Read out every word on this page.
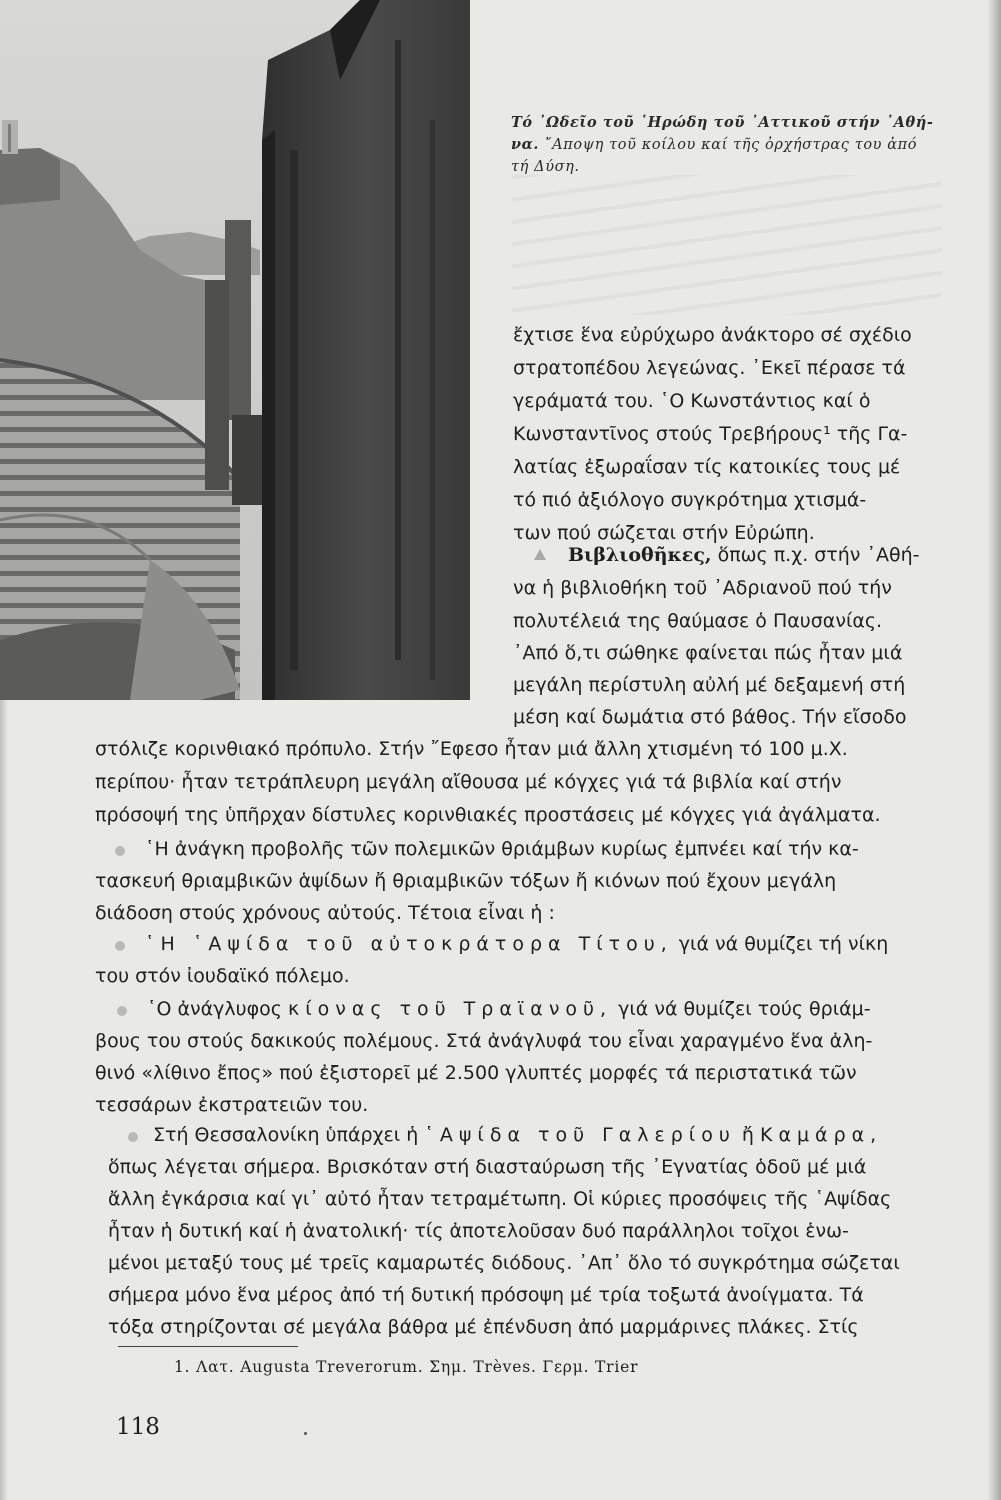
Τό ᾿Ωδεῖο τοῦ ῾Ηρώδη τοῦ ᾿Αττικοῦ στήν ᾿Αθή-
να. ῎Αποψη τοῦ κοίλου καί τῆς ὀρχήστρας του ἀπό
τή Δύση.
ἔχτισε ἕνα εὐρύχωρο ἀνάκτορο σέ σχέδιο
στρατοπέδου λεγεώνας. ᾿Εκεῖ πέρασε τά
γεράματά του. ῾Ο Κωνστάντιος καί ὁ
Κωνσταντῖνος στούς Τρεβήρους¹ τῆς Γα-
λατίας ἐξωραΐσαν τίς κατοικίες τους μέ
τό πιό ἀξιόλογο συγκρότημα χτισμά-
των πού σώζεται στήν Εὐρώπη.
Βιβλιοθῆκες, ὅπως π.χ. στήν ᾿Αθή-
να ἡ βιβλιοθήκη τοῦ ᾿Αδριανοῦ πού τήν
πολυτέλειά της θαύμασε ὁ Παυσανίας.
᾿Από ὅ,τι σώθηκε φαίνεται πώς ἦταν μιά
μεγάλη περίστυλη αὐλή μέ δεξαμενή στή
μέση καί δωμάτια στό βάθος. Τήν εἴσοδο
στόλιζε κορινθιακό πρόπυλο. Στήν ῎Εφεσο ἦταν μιά ἄλλη χτισμένη τό 100 μ.Χ.
περίπου· ἦταν τετράπλευρη μεγάλη αἴθουσα μέ κόγχες γιά τά βιβλία καί στήν
πρόσοψή της ὑπῆρχαν δίστυλες κορινθιακές προστάσεις μέ κόγχες γιά ἀγάλματα.
῾Η ἀνάγκη προβολῆς τῶν πολεμικῶν θριάμβων κυρίως ἐμπνέει καί τήν κα-
τασκευή θριαμβικῶν ἁψίδων ἤ θριαμβικῶν τόξων ἤ κιόνων πού ἔχουν μεγάλη
διάδοση στούς χρόνους αὐτούς. Τέτοια εἶναι ἡ :
῾Η ῾Αψίδα τοῦ αὐτοκράτορα Τίτου, γιά νά θυμίζει τή νίκη
του στόν ἰουδαϊκό πόλεμο.
῾Ο ἀνάγλυφος κίονας τοῦ Τραϊανοῦ, γιά νά θυμίζει τούς θριάμ-
βους του στούς δακικούς πολέμους. Στά ἀνάγλυφά του εἶναι χαραγμένο ἕνα ἀλη-
θινό «λίθινο ἔπος» πού ἐξιστορεῖ μέ 2.500 γλυπτές μορφές τά περιστατικά τῶν
τεσσάρων ἐκστρατειῶν του.
Στή Θεσσαλονίκη ὑπάρχει ἡ ῾Αψίδα τοῦ Γαλερίου ἤ Καμάρα,
ὅπως λέγεται σήμερα. Βρισκόταν στή διασταύρωση τῆς ᾿Εγνατίας ὁδοῦ μέ μιά
ἄλλη ἐγκάρσια καί γι᾿ αὐτό ἦταν τετραμέτωπη. Οἱ κύριες προσόψεις τῆς ῾Αψίδας
ἦταν ἡ δυτική καί ἡ ἀνατολική· τίς ἀποτελοῦσαν δυό παράλληλοι τοῖχοι ἑνω-
μένοι μεταξύ τους μέ τρεῖς καμαρωτές διόδους. ᾿Απ᾿ ὅλο τό συγκρότημα σώζεται
σήμερα μόνο ἕνα μέρος ἀπό τή δυτική πρόσοψη μέ τρία τοξωτά ἀνοίγματα. Τά
τόξα στηρίζονται σέ μεγάλα βάθρα μέ ἐπένδυση ἀπό μαρμάρινες πλάκες. Στίς
1. Λατ. Augusta Treverorum. Σημ. Trèves. Γερμ. Trier
118
